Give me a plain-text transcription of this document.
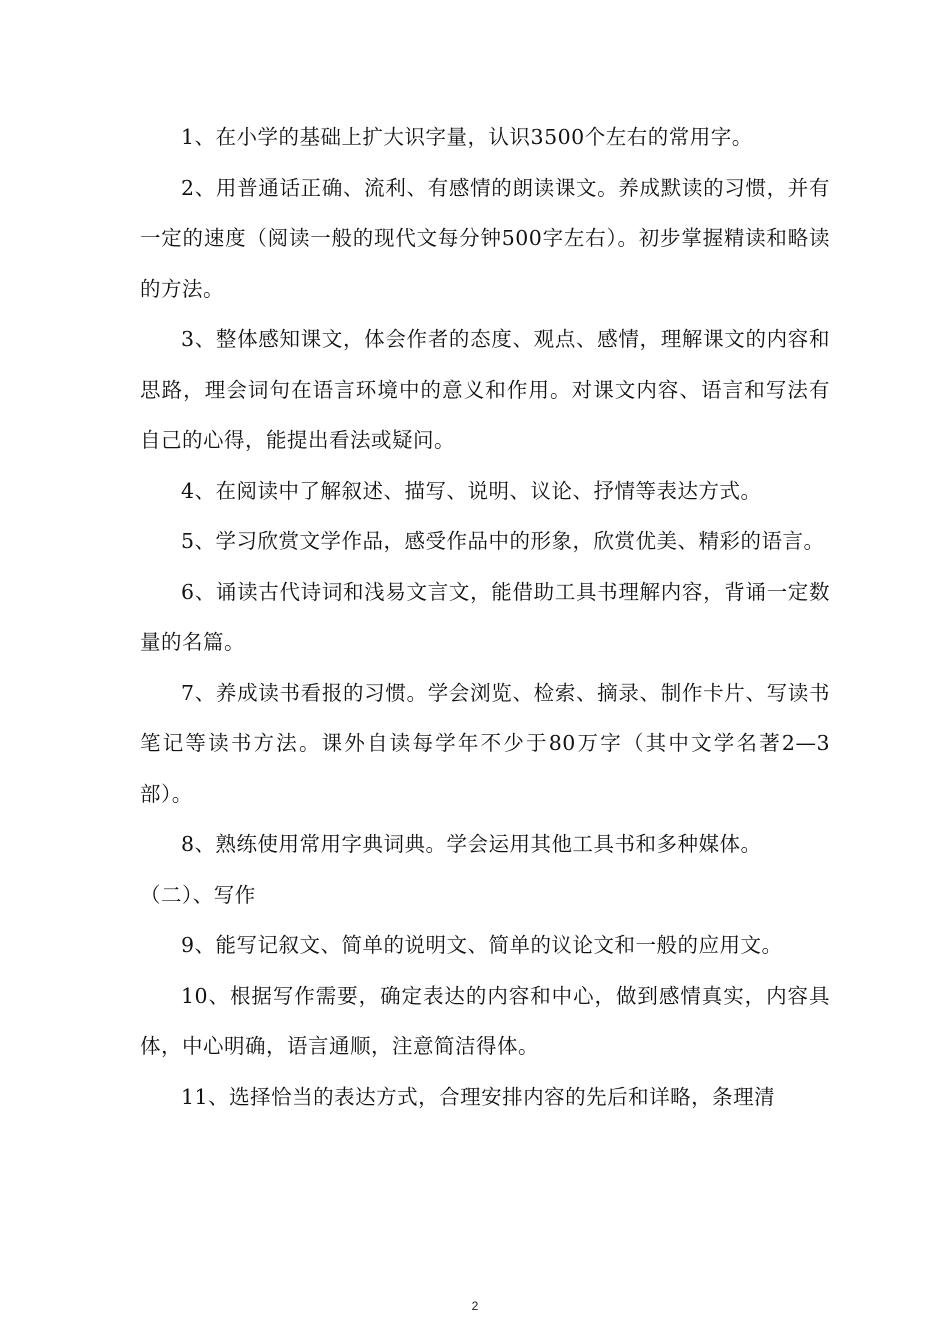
1、在小学的基础上扩大识字量，认识3500个左右的常用字。

2、用普通话正确、流利、有感情的朗读课文。养成默读的习惯，并有一定的速度（阅读一般的现代文每分钟500字左右）。初步掌握精读和略读的方法。

3、整体感知课文，体会作者的态度、观点、感情，理解课文的内容和思路，理会词句在语言环境中的意义和作用。对课文内容、语言和写法有自己的心得，能提出看法或疑问。

4、在阅读中了解叙述、描写、说明、议论、抒情等表达方式。

5、学习欣赏文学作品，感受作品中的形象，欣赏优美、精彩的语言。

6、诵读古代诗词和浅易文言文，能借助工具书理解内容，背诵一定数量的名篇。

7、养成读书看报的习惯。学会浏览、检索、摘录、制作卡片、写读书笔记等读书方法。课外自读每学年不少于80万字（其中文学名著2—3部）。

8、熟练使用常用字典词典。学会运用其他工具书和多种媒体。

（二）、写作

9、能写记叙文、简单的说明文、简单的议论文和一般的应用文。

10、根据写作需要，确定表达的内容和中心，做到感情真实，内容具体，中心明确，语言通顺，注意简洁得体。

11、选择恰当的表达方式，合理安排内容的先后和详略，条理清

2
